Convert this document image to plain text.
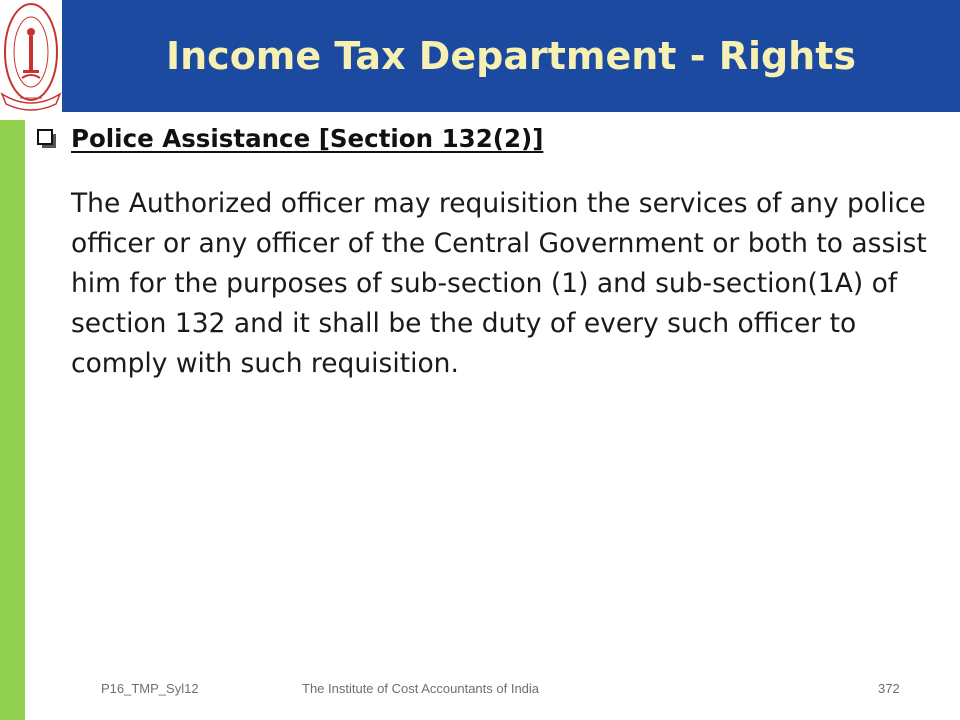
Income Tax Department - Rights
Police Assistance [Section 132(2)]

The Authorized officer may requisition the services of any police officer or any officer of the Central Government or both to assist him for the purposes of sub-section (1) and sub-section(1A) of section 132 and it shall be the duty of every such officer to comply with such requisition.

P16_TMP_Syl12	The Institute of Cost Accountants of India	372
